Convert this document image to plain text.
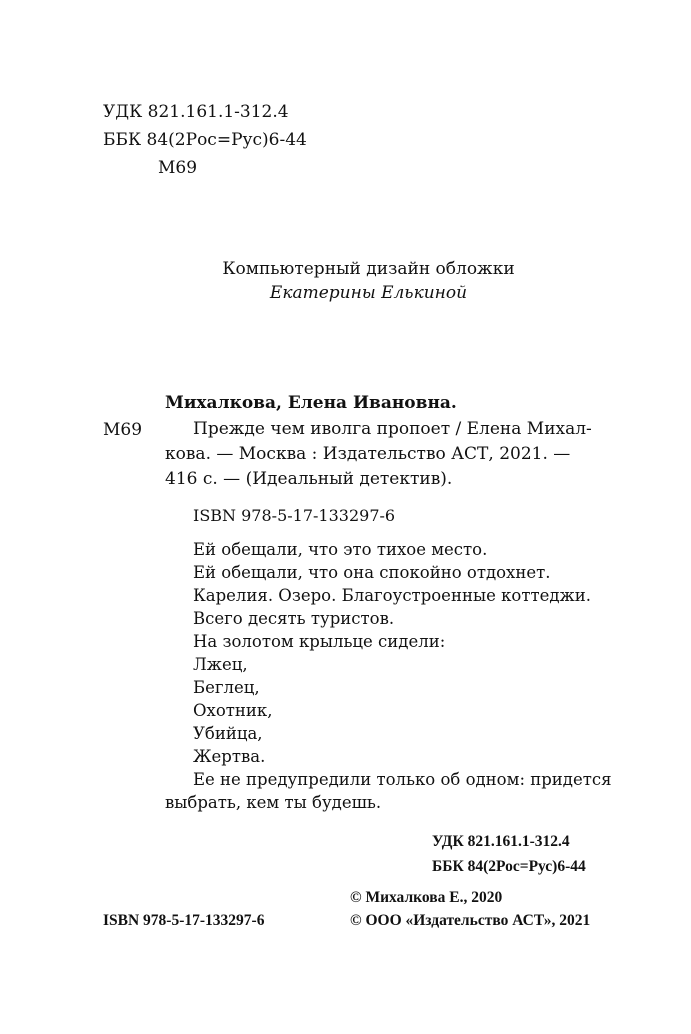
УДК 821.161.1-312.4
ББК 84(2Рос=Рус)6-44
М69
Компьютерный дизайн обложки
Екатерины Елькиной
Михалкова, Елена Ивановна.
М69	Прежде чем иволга пропоет / Елена Михал-
кова. — Москва : Издательство АСТ, 2021. —
416 с. — (Идеальный детектив).
ISBN 978-5-17-133297-6
Ей обещали, что это тихое место.
Ей обещали, что она спокойно отдохнет.
Карелия. Озеро. Благоустроенные коттеджи.
Всего десять туристов.
На золотом крыльце сидели:
Лжец,
Беглец,
Охотник,
Убийца,
Жертва.
Ее не предупредили только об одном: придется
выбрать, кем ты будешь.
УДК 821.161.1-312.4
ББК 84(2Рос=Рус)6-44
© Михалкова Е., 2020
© ООО «Издательство АСТ», 2021
ISBN 978-5-17-133297-6
